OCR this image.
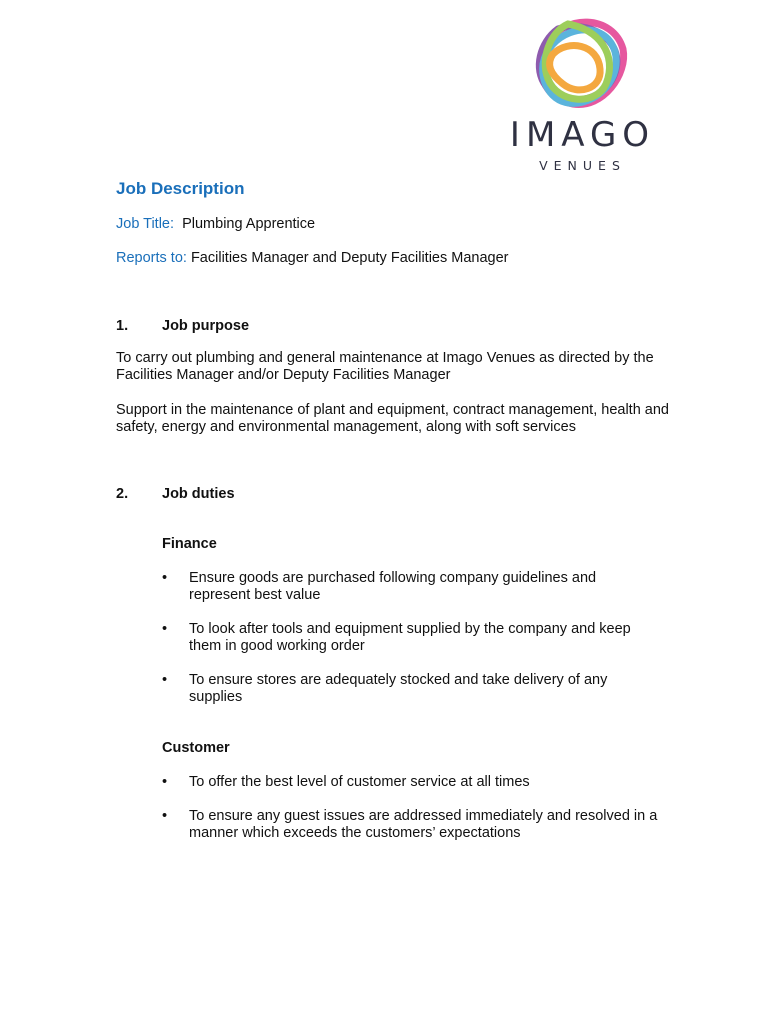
IMAGO
VENUES
Job Description
Job Title: Plumbing Apprentice
Reports to: Facilities Manager and Deputy Facilities Manager
1. Job purpose

To carry out plumbing and general maintenance at Imago Venues as directed by the Facilities Manager and/or Deputy Facilities Manager

Support in the maintenance of plant and equipment, contract management, health and safety, energy and environmental management, along with soft services

2. Job duties
Finance
•	Ensure goods are purchased following company guidelines and represent best value
•	To look after tools and equipment supplied by the company and keep them in good working order
•	To ensure stores are adequately stocked and take delivery of any supplies
Customer
•	To offer the best level of customer service at all times
•	To ensure any guest issues are addressed immediately and resolved in a manner which exceeds the customers’ expectations
